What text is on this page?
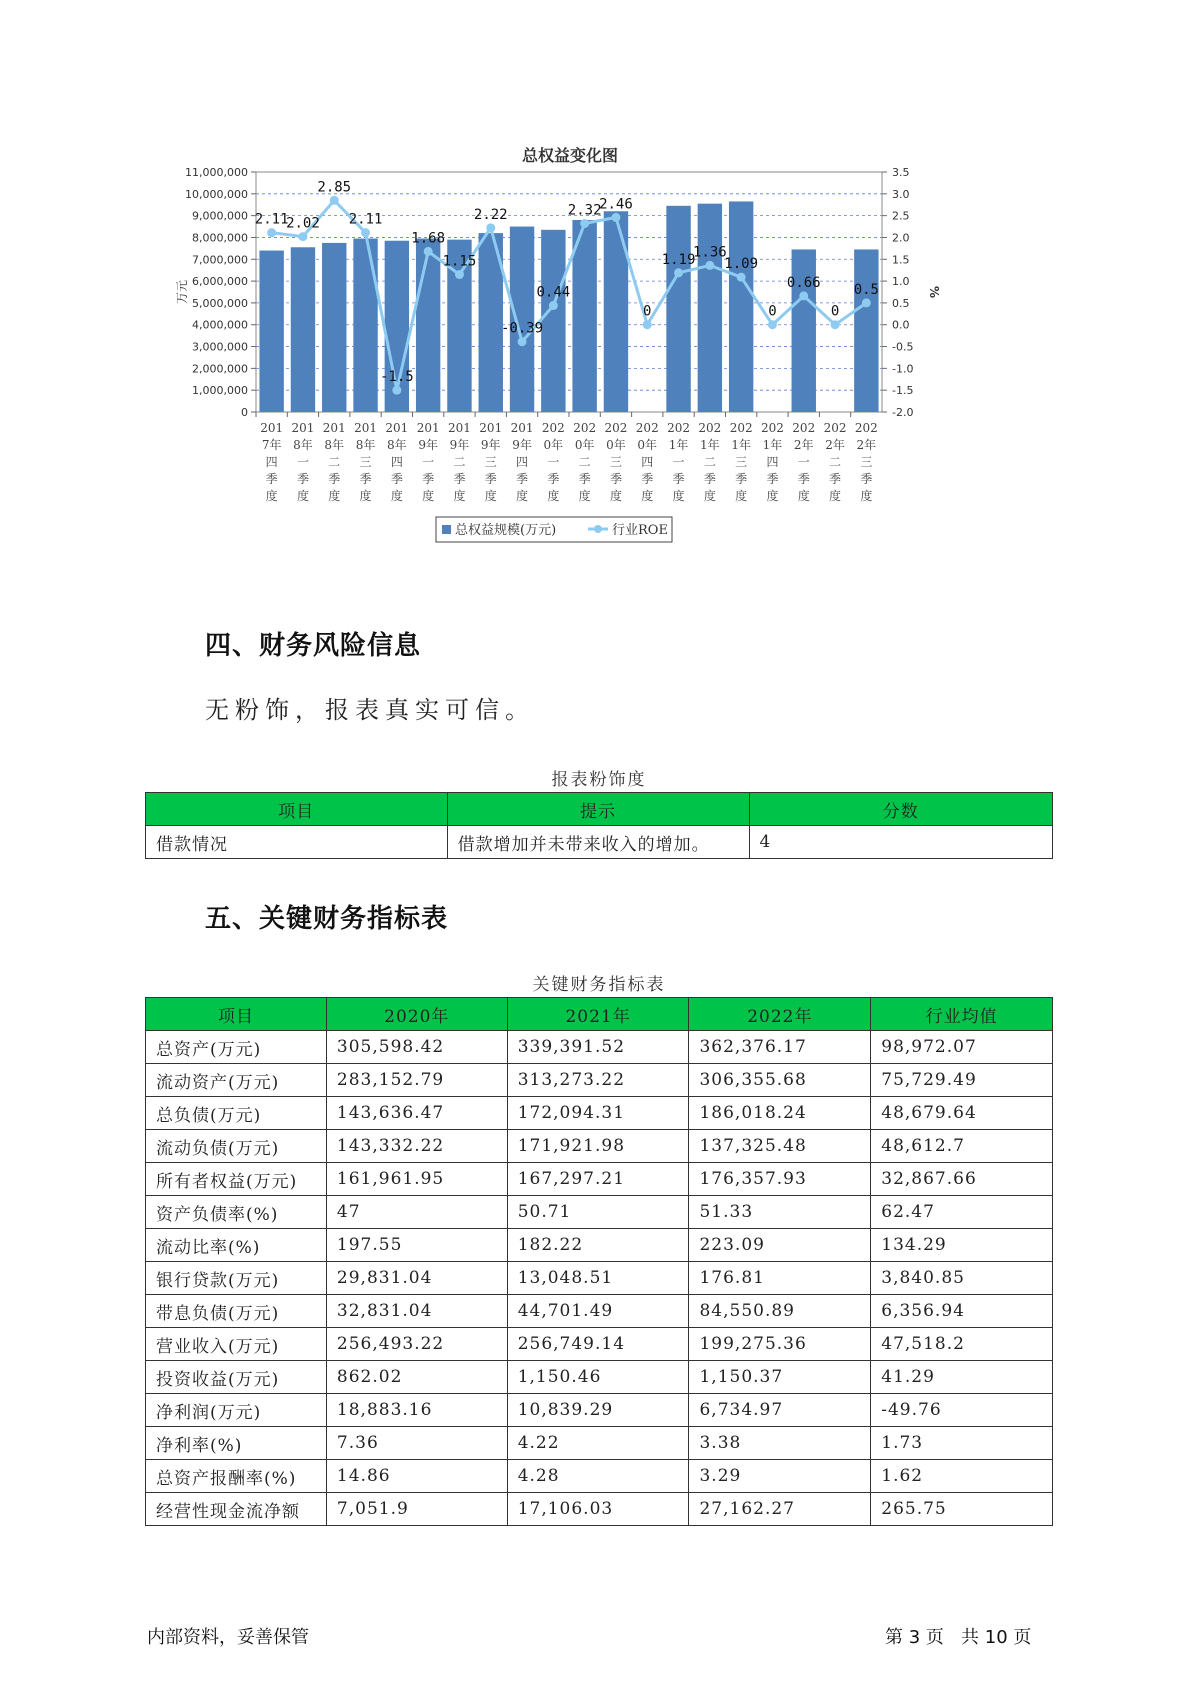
总权益变化图
0
1,000,000
2,000,000
3,000,000
4,000,000
5,000,000
6,000,000
7,000,000
8,000,000
9,000,000
10,000,000
11,000,000
-2.0
-1.5
-1.0
-0.5
0.0
0.5
1.0
1.5
2.0
2.5
3.0
3.5
万元	%
201
7年
四
季
度
201
8年
一
季
度
201
8年
二
季
度
201
8年
三
季
度
201
8年
四
季
度
201
9年
一
季
度
201
9年
二
季
度
201
9年
三
季
度
201
9年
四
季
度
202
0年
一
季
度
202
0年
二
季
度
202
0年
三
季
度
202
0年
四
季
度
202
1年
一
季
度
202
1年
二
季
度
202
1年
三
季
度
202
1年
四
季
度
202
2年
一
季
度
202
2年
二
季
度
202
2年
三
季
度
2.11
2.02
2.85
2.11
-1.5
1.68
1.15
2.22
-0.39
0.44
2.32
2.46
0
1.19
1.36
1.09
0
0.66
0
0.5
总权益规模(万元)	行业ROE
四、财务风险信息
无粉饰，报表真实可信。
报表粉饰度
项目	提示	分数
借款情况	借款增加并未带来收入的增加。	4
五、关键财务指标表
关键财务指标表
项目	2020年	2021年	2022年	行业均值
总资产(万元)	305,598.42	339,391.52	362,376.17	98,972.07
流动资产(万元)	283,152.79	313,273.22	306,355.68	75,729.49
总负债(万元)	143,636.47	172,094.31	186,018.24	48,679.64
流动负债(万元)	143,332.22	171,921.98	137,325.48	48,612.7
所有者权益(万元)	161,961.95	167,297.21	176,357.93	32,867.66
资产负债率(%)	47	50.71	51.33	62.47
流动比率(%)	197.55	182.22	223.09	134.29
银行贷款(万元)	29,831.04	13,048.51	176.81	3,840.85
带息负债(万元)	32,831.04	44,701.49	84,550.89	6,356.94
营业收入(万元)	256,493.22	256,749.14	199,275.36	47,518.2
投资收益(万元)	862.02	1,150.46	1,150.37	41.29
净利润(万元)	18,883.16	10,839.29	6,734.97	-49.76
净利率(%)	7.36	4.22	3.38	1.73
总资产报酬率(%)	14.86	4.28	3.29	1.62
经营性现金流净额	7,051.9	17,106.03	27,162.27	265.75
内部资料，妥善保管	第 3 页   共 10 页
